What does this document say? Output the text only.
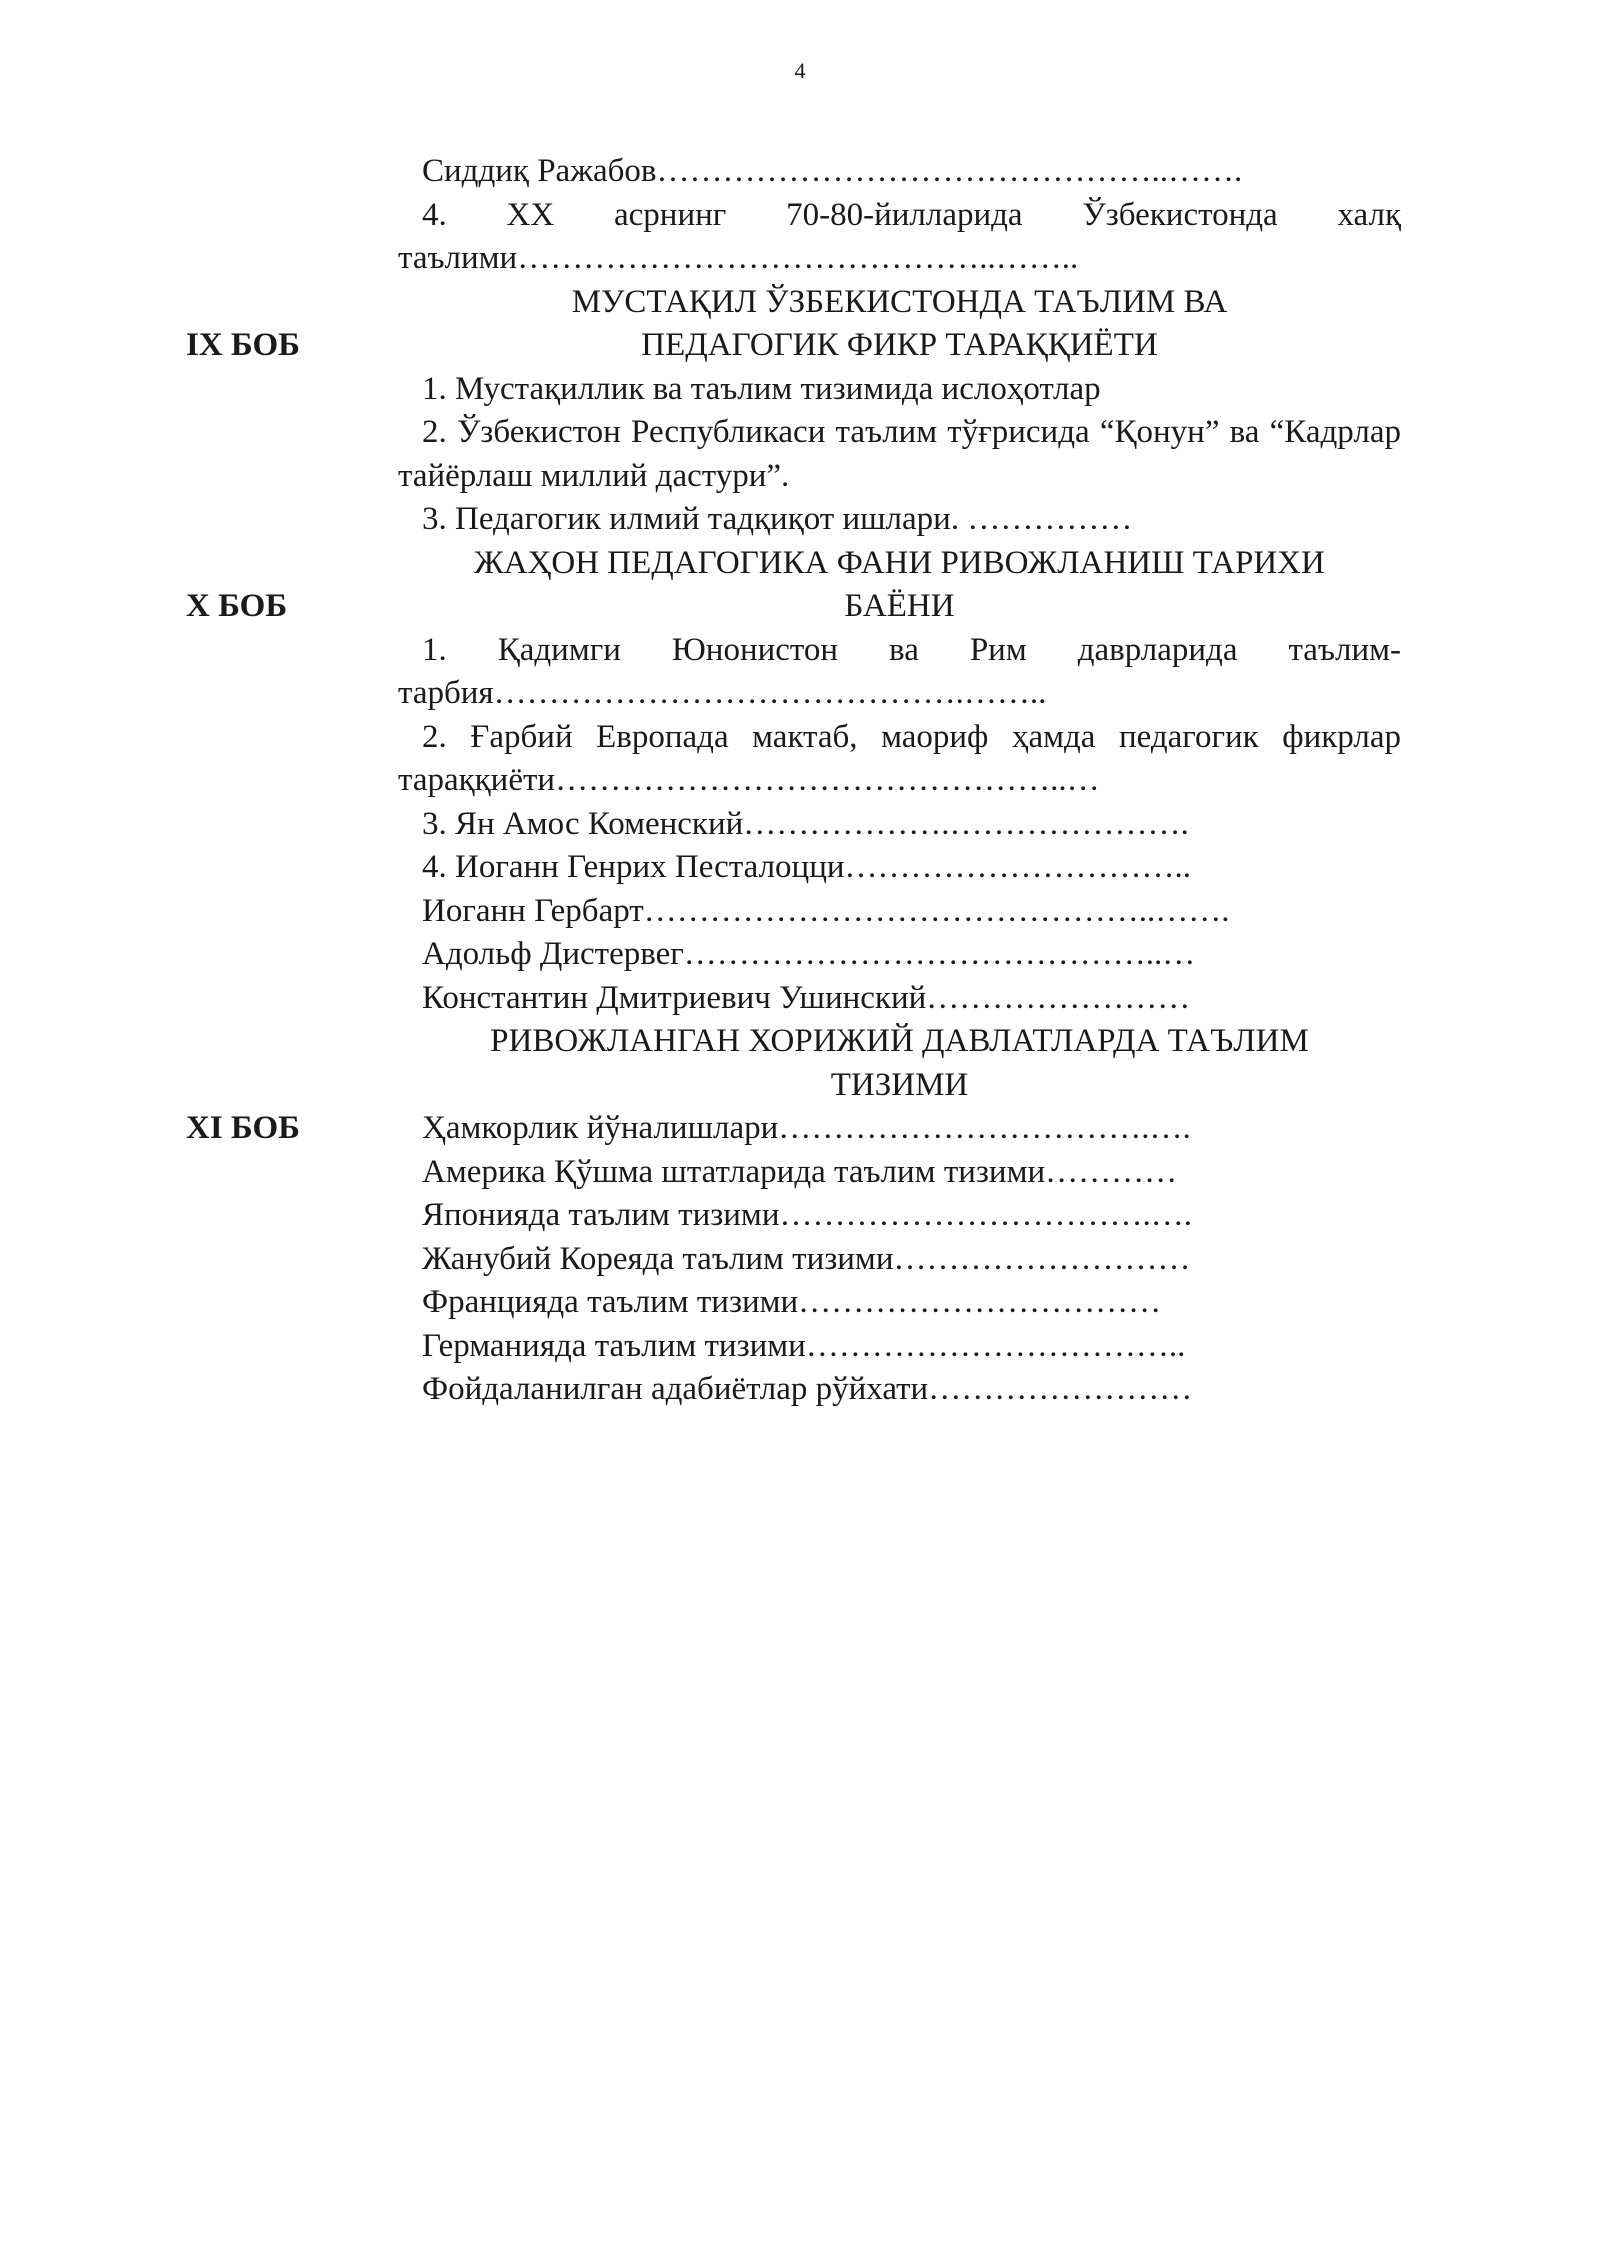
4

Сиддиқ Ражабов………………………………………..…….

4. ХХ асрнинг 70-80-йилларида Ўзбекистонда халқ таълими……………………………………..……..

IX БОБ

МУСТАҚИЛ ЎЗБЕКИСТОНДА ТАЪЛИМ ВА

ПЕДАГОГИК ФИКР ТАРАҚҚИЁТИ

1. Мустақиллик ва таълим тизимида ислоҳотлар

2. Ўзбекистон Республикаси таълим тўғрисида “Қонун” ва “Кадрлар тайёрлаш миллий дастури”.

3. Педагогик илмий тадқиқот ишлари. ……………

X БОБ

ЖАҲОН ПЕДАГОГИКА ФАНИ РИВОЖЛАНИШ ТАРИХИ

БАЁНИ

1. Қадимги Юнонистон ва Рим даврларида таълим-тарбия…………………………………….……..

2. Ғарбий Европада мактаб, маориф ҳамда педагогик фикрлар тараққиёти………………………………………..…

3. Ян Амос Коменский……………….………………….

4. Иоганн Генрих Песталоцци…………………………..

Иоганн Гербарт………………………………………..…….

Адольф Дистервег……………………………………..…

Константин Дмитриевич Ушинский……………………

РИВОЖЛАНГАН ХОРИЖИЙ ДАВЛАТЛАРДА ТАЪЛИМ

ТИЗИМИ

XI БОБ	Ҳамкорлик йўналишлари…………………………….….

Америка Қўшма штатларида таълим тизими…………

Японияда таълим тизими…………………………….….

Жанубий Кореяда таълим тизими………………………

Францияда таълим тизими……………………………

Германияда таълим тизими……………………………..

Фойдаланилган адабиётлар рўйхати……………………
